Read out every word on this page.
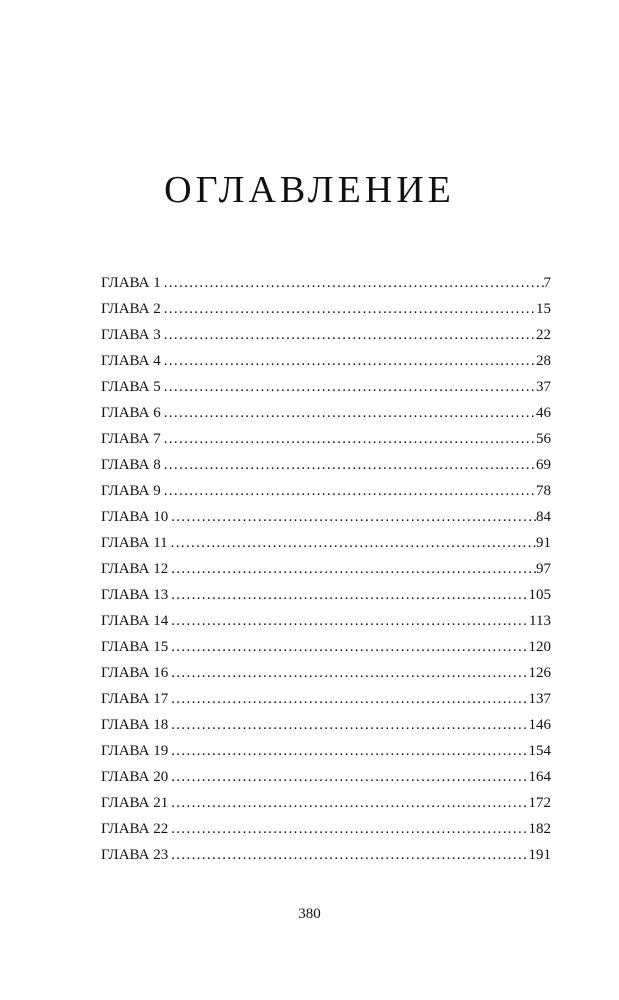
ОГЛАВЛЕНИЕ
ГЛАВА 1 . . .	7
ГЛАВА 2 . . .	15
ГЛАВА 3 . . .	22
ГЛАВА 4 . . .	28
ГЛАВА 5 . . .	37
ГЛАВА 6 . . .	46
ГЛАВА 7 . . .	56
ГЛАВА 8 . . .	69
ГЛАВА 9 . . .	78
ГЛАВА 10 . . .	84
ГЛАВА 11 . . .	91
ГЛАВА 12 . . .	97
ГЛАВА 13 . . .	105
ГЛАВА 14 . . .	113
ГЛАВА 15 . . .	120
ГЛАВА 16 . . .	126
ГЛАВА 17 . . .	137
ГЛАВА 18 . . .	146
ГЛАВА 19 . . .	154
ГЛАВА 20 . . .	164
ГЛАВА 21 . . .	172
ГЛАВА 22 . . .	182
ГЛАВА 23 . . .	191
380
